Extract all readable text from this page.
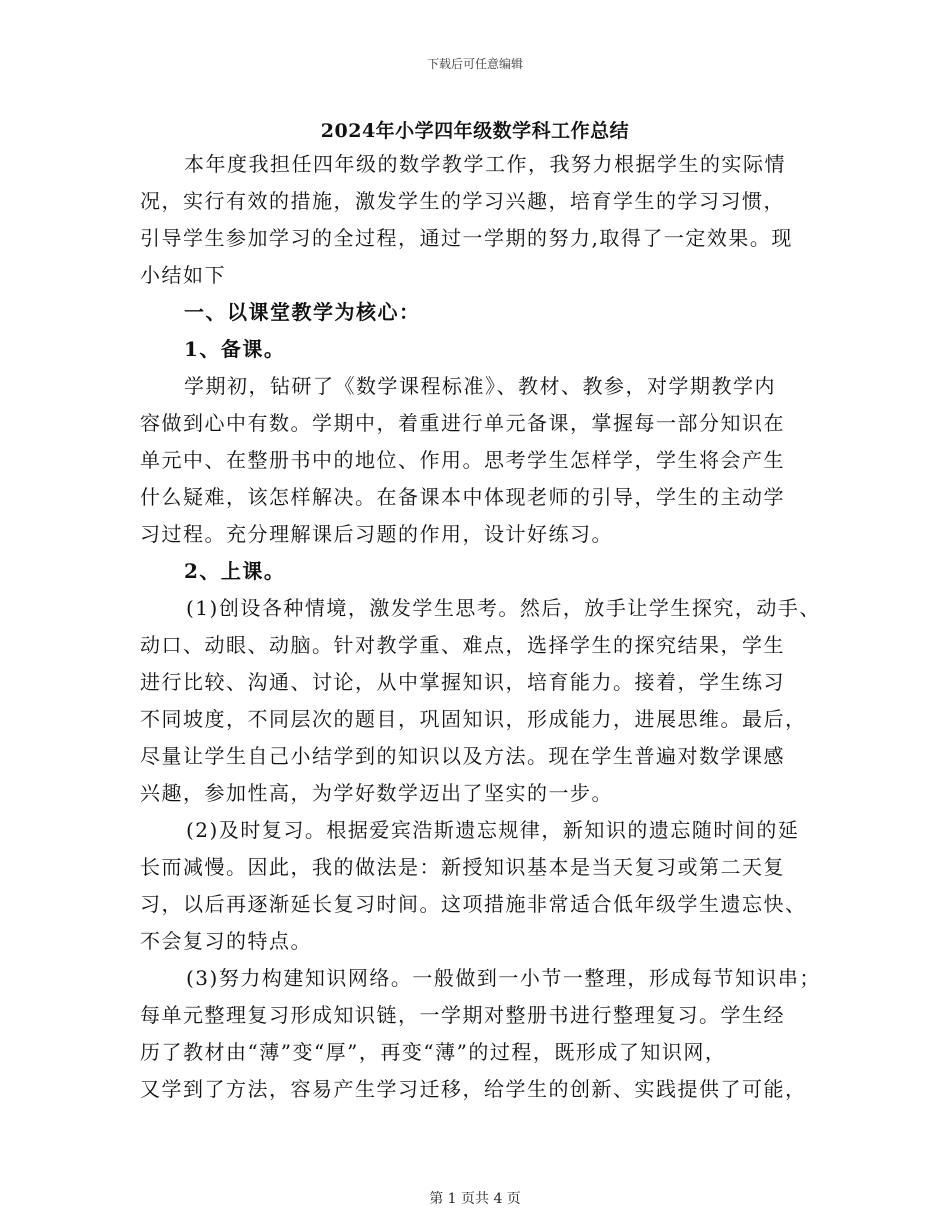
下载后可任意编辑
2024年小学四年级数学科工作总结
本年度我担任四年级的数学教学工作，我努力根据学生的实际情
况，实行有效的措施，激发学生的学习兴趣，培育学生的学习习惯，
引导学生参加学习的全过程，通过一学期的努力,取得了一定效果。现
小结如下
一、以课堂教学为核心：
1、备课。
学期初，钻研了《数学课程标准》、教材、教参，对学期教学内
容做到心中有数。学期中，着重进行单元备课，掌握每一部分知识在
单元中、在整册书中的地位、作用。思考学生怎样学，学生将会产生
什么疑难，该怎样解决。在备课本中体现老师的引导，学生的主动学
习过程。充分理解课后习题的作用，设计好练习。
2、上课。
(1)创设各种情境，激发学生思考。然后，放手让学生探究，动手、
动口、动眼、动脑。针对教学重、难点，选择学生的探究结果，学生
进行比较、沟通、讨论，从中掌握知识，培育能力。接着，学生练习
不同坡度，不同层次的题目，巩固知识，形成能力，进展思维。最后，
尽量让学生自己小结学到的知识以及方法。现在学生普遍对数学课感
兴趣，参加性高，为学好数学迈出了坚实的一步。
(2)及时复习。根据爱宾浩斯遗忘规律，新知识的遗忘随时间的延
长而减慢。因此，我的做法是：新授知识基本是当天复习或第二天复
习，以后再逐渐延长复习时间。这项措施非常适合低年级学生遗忘快、
不会复习的特点。
(3)努力构建知识网络。一般做到一小节一整理，形成每节知识串；
每单元整理复习形成知识链，一学期对整册书进行整理复习。学生经
历了教材由“薄”变“厚”，再变“薄”的过程，既形成了知识网，
又学到了方法，容易产生学习迁移，给学生的创新、实践提供了可能，
第 1 页共 4 页
